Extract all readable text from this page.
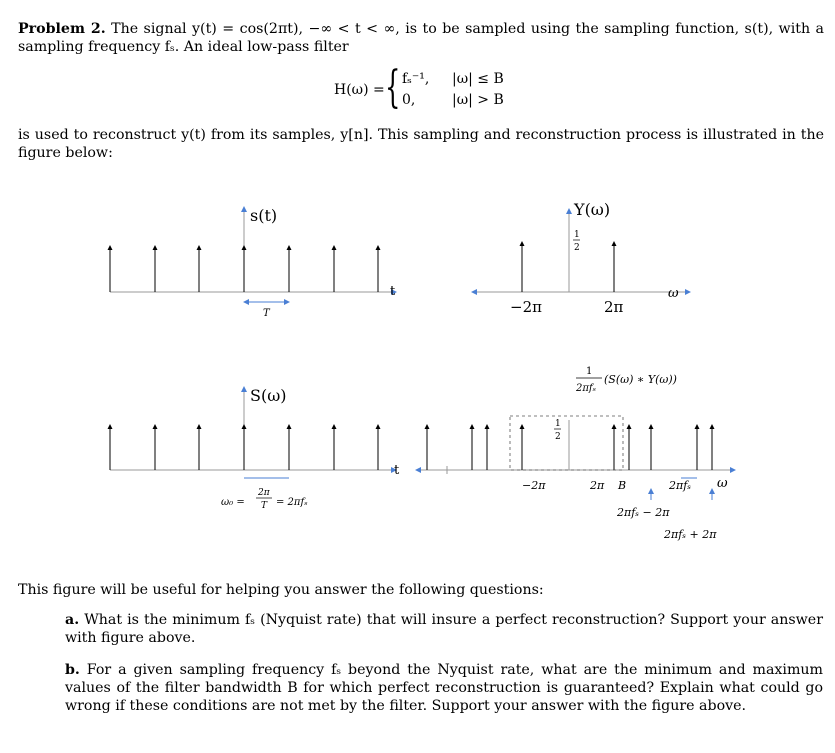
Problem 2. The signal y(t) = cos(2πt), −∞ < t < ∞, is to be sampled using the sampling function, s(t), with a sampling frequency fₛ. An ideal low-pass filter
H(ω) = { fₛ⁻¹, |ω| ≤ B
0,	|ω| > B
is used to reconstruct y(t) from its samples, y[n]. This sampling and reconstruction process is illustrated in the figure below:
s(t)
t
T
Y(ω)
ω
−2π	2π
1
2
S(ω)
t
ω₀ =
2π
T = 2πfₛ
1
2πfₛ
(S(ω) ∗ Y(ω))
ω
1
2
−2π	2π B	2πfₛ
2πfₛ − 2π
2πfₛ + 2π
This figure will be useful for helping you answer the following questions:
a. What is the minimum fₛ (Nyquist rate) that will insure a perfect reconstruction? Support your answer with figure above.
b. For a given sampling frequency fₛ beyond the Nyquist rate, what are the minimum and maximum values of the filter bandwidth B for which perfect reconstruction is guaranteed? Explain what could go wrong if these conditions are not met by the filter. Support your answer with the figure above.
